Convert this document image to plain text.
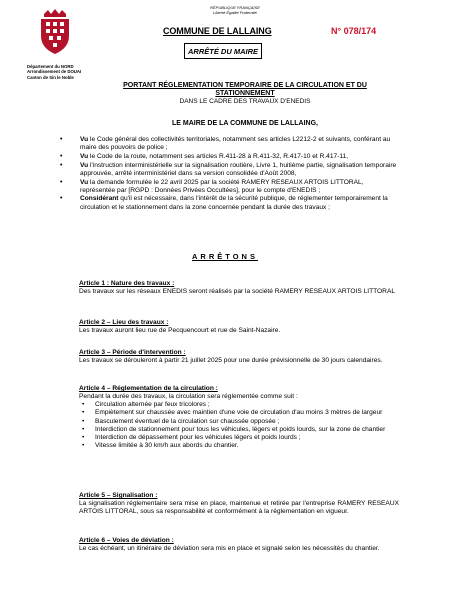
RÉPUBLIQUE FRANÇAISE
Liberté Égalité Fraternité
Département du NORD
Arrondissement de DOUAI
Canton de Sin le Noble
COMMUNE DE LALLAING	N° 078/174
ARRÊTÉ DU MAIRE
PORTANT RÉGLEMENTATION TEMPORAIRE DE LA CIRCULATION ET DU STATIONNEMENT
DANS LE CADRE DES TRAVAUX D'ENEDIS
LE MAIRE DE LA COMMUNE DE LALLAING,
• Vu le Code général des collectivités territoriales, notamment ses articles L2212-2 et suivants, conférant au maire des pouvoirs de police ;
• Vu le Code de la route, notamment ses articles R.411-28 à R.411-32, R.417-10 et R.417-11,
• Vu l'instruction interministérielle sur la signalisation routière, Livre 1, huitième partie, signalisation temporaire approuvée, arrêté interministériel dans sa version consolidée d'Août 2008,
• Vu la demande formulée le 22 avril 2025 par la société RAMERY RESEAUX ARTOIS LITTORAL, représentée par [RGPD : Données Privées Occultées], pour le compte d'ENEDIS ;
• Considérant qu'il est nécessaire, dans l'intérêt de la sécurité publique, de réglementer temporairement la circulation et le stationnement dans la zone concernée pendant la durée des travaux ;
ARRÊTONS
Article 1 : Nature des travaux :
Des travaux sur les réseaux ENEDIS seront réalisés par la société RAMERY RESEAUX ARTOIS LITTORAL
Article 2 – Lieu des travaux :
Les travaux auront lieu rue de Pecquencourt et rue de Saint-Nazaire.
Article 3 – Période d'intervention :
Les travaux se dérouleront à partir 21 juillet 2025 pour une durée prévisionnelle de 30 jours calendaires.
Article 4 – Réglementation de la circulation :
Pendant la durée des travaux, la circulation sera réglementée comme suit :
• Circulation alternée par feux tricolores ;
• Empiètement sur chaussée avec maintien d'une voie de circulation d'au moins 3 mètres de largeur
• Basculement éventuel de la circulation sur chaussée opposée ;
• Interdiction de stationnement pour tous les véhicules, légers et poids lourds, sur la zone de chantier
• Interdiction de dépassement pour les véhicules légers et poids lourds ;
• Vitesse limitée à 30 km/h aux abords du chantier.
Article 5 – Signalisation :
La signalisation réglementaire sera mise en place, maintenue et retirée par l'entreprise RAMERY RESEAUX ARTOIS LITTORAL, sous sa responsabilité et conformément à la réglementation en vigueur.
Article 6 – Voies de déviation :
Le cas échéant, un itinéraire de déviation sera mis en place et signalé selon les nécessités du chantier.
